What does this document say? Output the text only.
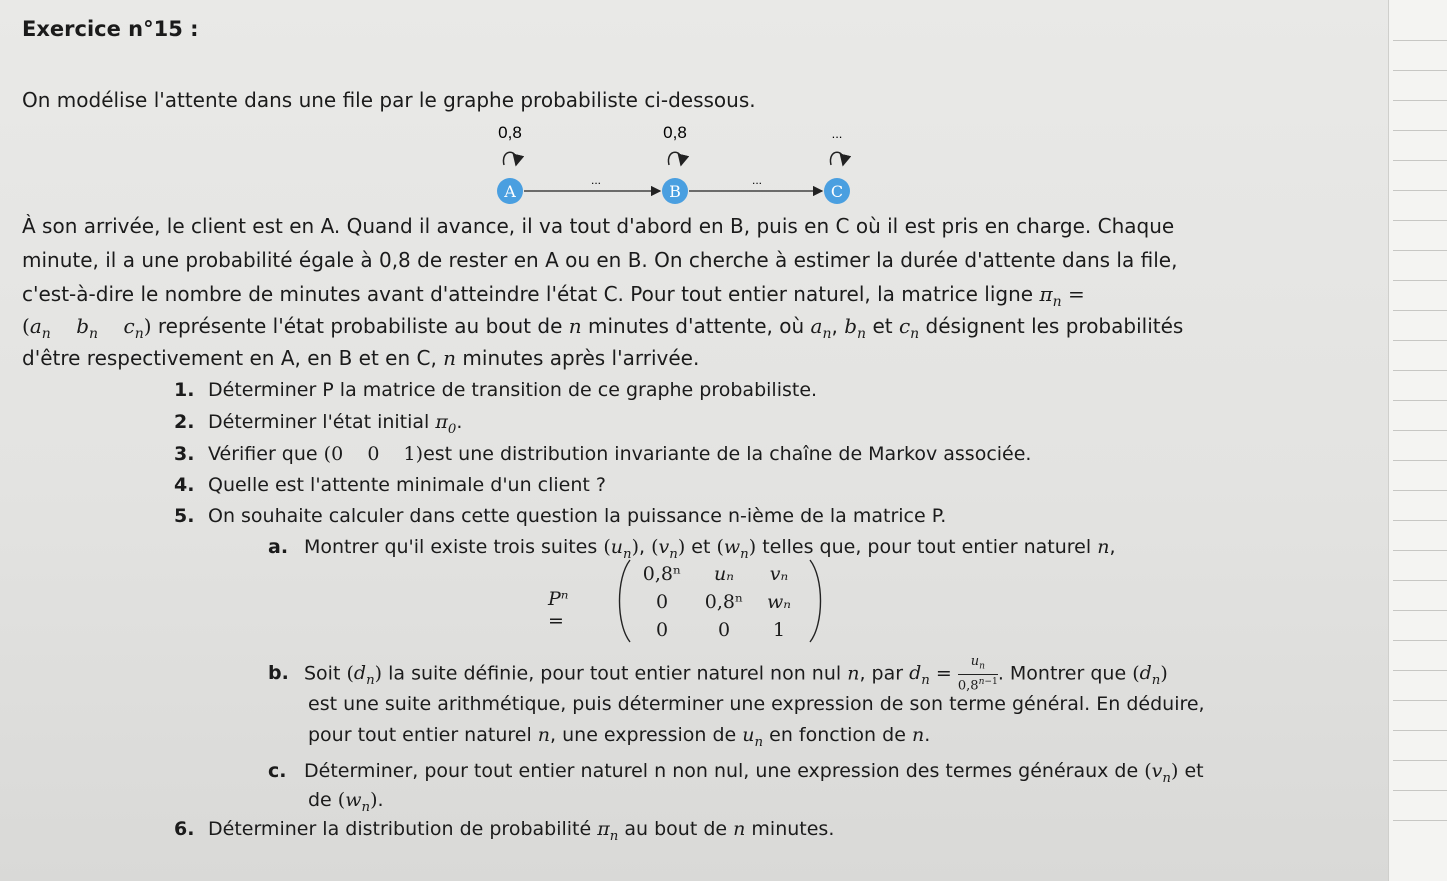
Exercice n°15 :
On modélise l'attente dans une file par le graphe probabiliste ci-dessous.
0,8	0,8	...
...	...
A	B	C
À son arrivée, le client est en A. Quand il avance, il va tout d'abord en B, puis en C où il est pris en charge. Chaque
minute, il a une probabilité égale à 0,8 de rester en A ou en B. On cherche à estimer la durée d'attente dans la file,
c'est-à-dire le nombre de minutes avant d'atteindre l'état C. Pour tout entier naturel, la matrice ligne $\pi_n$ =
($a_n$    $b_n$    $c_n$) représente l'état probabiliste au bout de n minutes d'attente, où $a_n$, $b_n$ et $c_n$ désignent les probabilités
d'être respectivement en A, en B et en C, n minutes après l'arrivée.
1. Déterminer P la matrice de transition de ce graphe probabiliste.
2. Déterminer l'état initial $\pi_0$.
3. Vérifier que (0    0    1)est une distribution invariante de la chaîne de Markov associée.
4. Quelle est l'attente minimale d'un client ?
5. On souhaite calculer dans cette question la puissance n-ième de la matrice P.
a. Montrer qu'il existe trois suites $(u_n)$, $(v_n)$ et $(w_n)$ telles que, pour tout entier naturel n,
Pⁿ =
0,8ⁿ	uₙ	vₙ
0	0,8ⁿ	wₙ
0	0	1
b. Soit $(d_n)$ la suite définie, pour tout entier naturel non nul n, par $d_n = \frac{u_n}{0,8^{n-1}}$ . Montrer que $(d_n)$
est une suite arithmétique, puis déterminer une expression de son terme général. En déduire,
pour tout entier naturel n, une expression de $u_n$ en fonction de n.
c. Déterminer, pour tout entier naturel n non nul, une expression des termes généraux de $(v_n)$ et
de $(w_n)$.
6. Déterminer la distribution de probabilité $\pi_n$ au bout de n minutes.
